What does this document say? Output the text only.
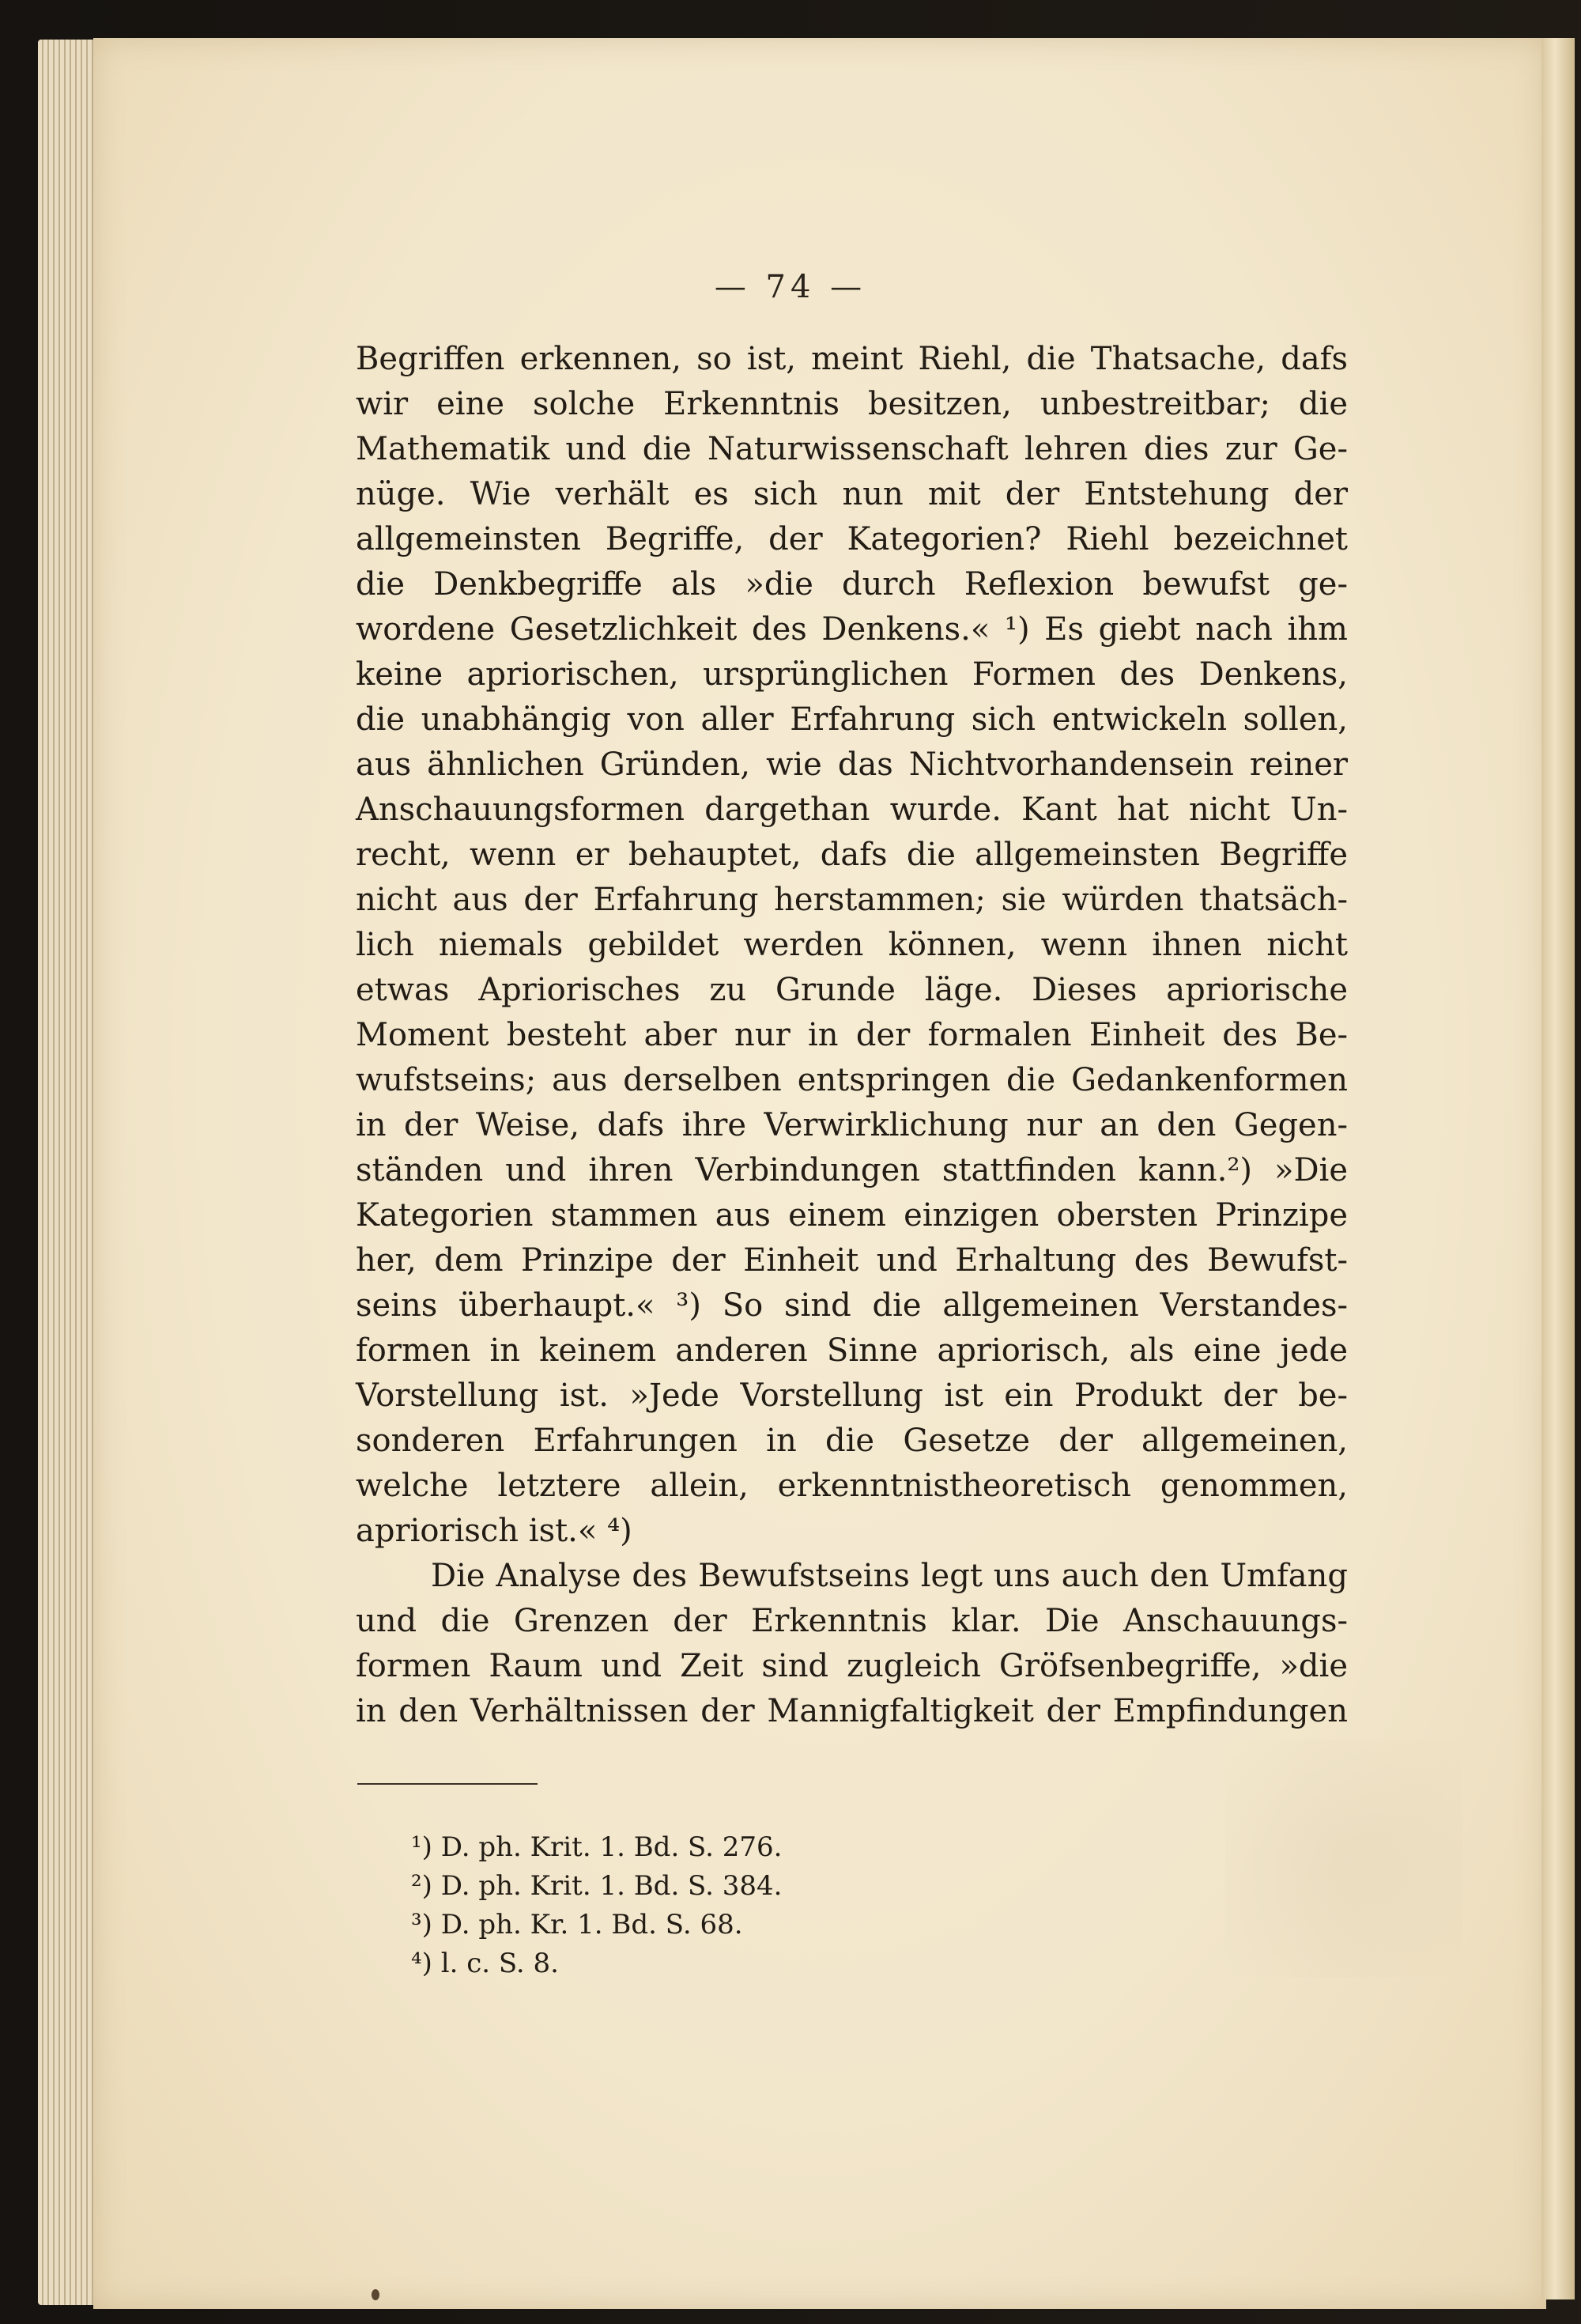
— 74 —
Begriffen erkennen, so ist, meint Riehl, die Thatsache, dafs
wir eine solche Erkenntnis besitzen, unbestreitbar; die
Mathematik und die Naturwissenschaft lehren dies zur Ge-
nüge. Wie verhält es sich nun mit der Entstehung der
allgemeinsten Begriffe, der Kategorien? Riehl bezeichnet
die Denkbegriffe als »die durch Reflexion bewufst ge-
wordene Gesetzlichkeit des Denkens.« ¹) Es giebt nach ihm
keine apriorischen, ursprünglichen Formen des Denkens,
die unabhängig von aller Erfahrung sich entwickeln sollen,
aus ähnlichen Gründen, wie das Nichtvorhandensein reiner
Anschauungsformen dargethan wurde. Kant hat nicht Un-
recht, wenn er behauptet, dafs die allgemeinsten Begriffe
nicht aus der Erfahrung herstammen; sie würden thatsäch-
lich niemals gebildet werden können, wenn ihnen nicht
etwas Apriorisches zu Grunde läge. Dieses apriorische
Moment besteht aber nur in der formalen Einheit des Be-
wufstseins; aus derselben entspringen die Gedankenformen
in der Weise, dafs ihre Verwirklichung nur an den Gegen-
ständen und ihren Verbindungen stattfinden kann.²) »Die
Kategorien stammen aus einem einzigen obersten Prinzipe
her, dem Prinzipe der Einheit und Erhaltung des Bewufst-
seins überhaupt.« ³) So sind die allgemeinen Verstandes-
formen in keinem anderen Sinne apriorisch, als eine jede
Vorstellung ist. »Jede Vorstellung ist ein Produkt der be-
sonderen Erfahrungen in die Gesetze der allgemeinen,
welche letztere allein, erkenntnistheoretisch genommen,
apriorisch ist.« ⁴)
Die Analyse des Bewufstseins legt uns auch den Umfang
und die Grenzen der Erkenntnis klar. Die Anschauungs-
formen Raum und Zeit sind zugleich Gröfsenbegriffe, »die
in den Verhältnissen der Mannigfaltigkeit der Empfindungen
¹) D. ph. Krit. 1. Bd. S. 276.
²) D. ph. Krit. 1. Bd. S. 384.
³) D. ph. Kr. 1. Bd. S. 68.
⁴) l. c. S. 8.
